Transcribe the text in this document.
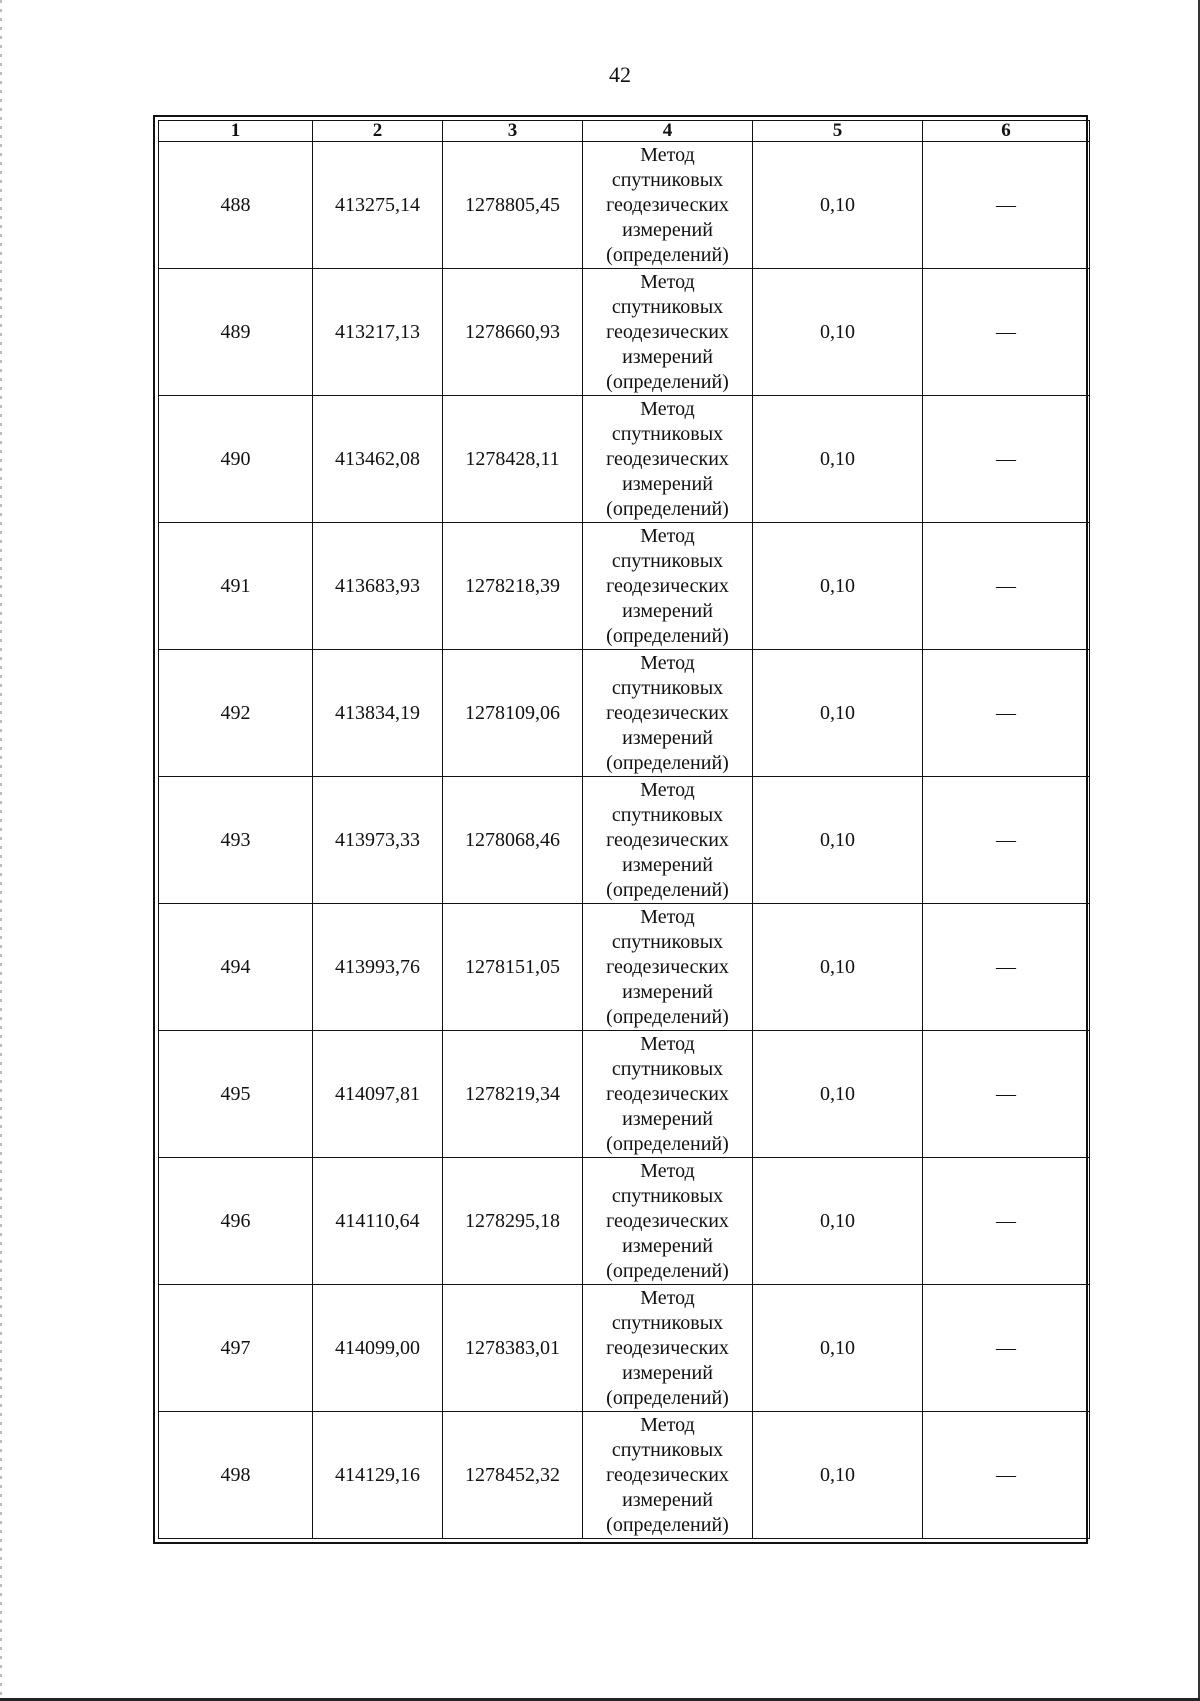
42
1	2	3	4	5	6
488	413275,14	1278805,45	Метод
спутниковых
геодезических
измерений
(определений)	0,10	—
489	413217,13	1278660,93	Метод
спутниковых
геодезических
измерений
(определений)	0,10	—
490	413462,08	1278428,11	Метод
спутниковых
геодезических
измерений
(определений)	0,10	—
491	413683,93	1278218,39	Метод
спутниковых
геодезических
измерений
(определений)	0,10	—
492	413834,19	1278109,06	Метод
спутниковых
геодезических
измерений
(определений)	0,10	—
493	413973,33	1278068,46	Метод
спутниковых
геодезических
измерений
(определений)	0,10	—
494	413993,76	1278151,05	Метод
спутниковых
геодезических
измерений
(определений)	0,10	—
495	414097,81	1278219,34	Метод
спутниковых
геодезических
измерений
(определений)	0,10	—
496	414110,64	1278295,18	Метод
спутниковых
геодезических
измерений
(определений)	0,10	—
497	414099,00	1278383,01	Метод
спутниковых
геодезических
измерений
(определений)	0,10	—
498	414129,16	1278452,32	Метод
спутниковых
геодезических
измерений
(определений)	0,10	—
